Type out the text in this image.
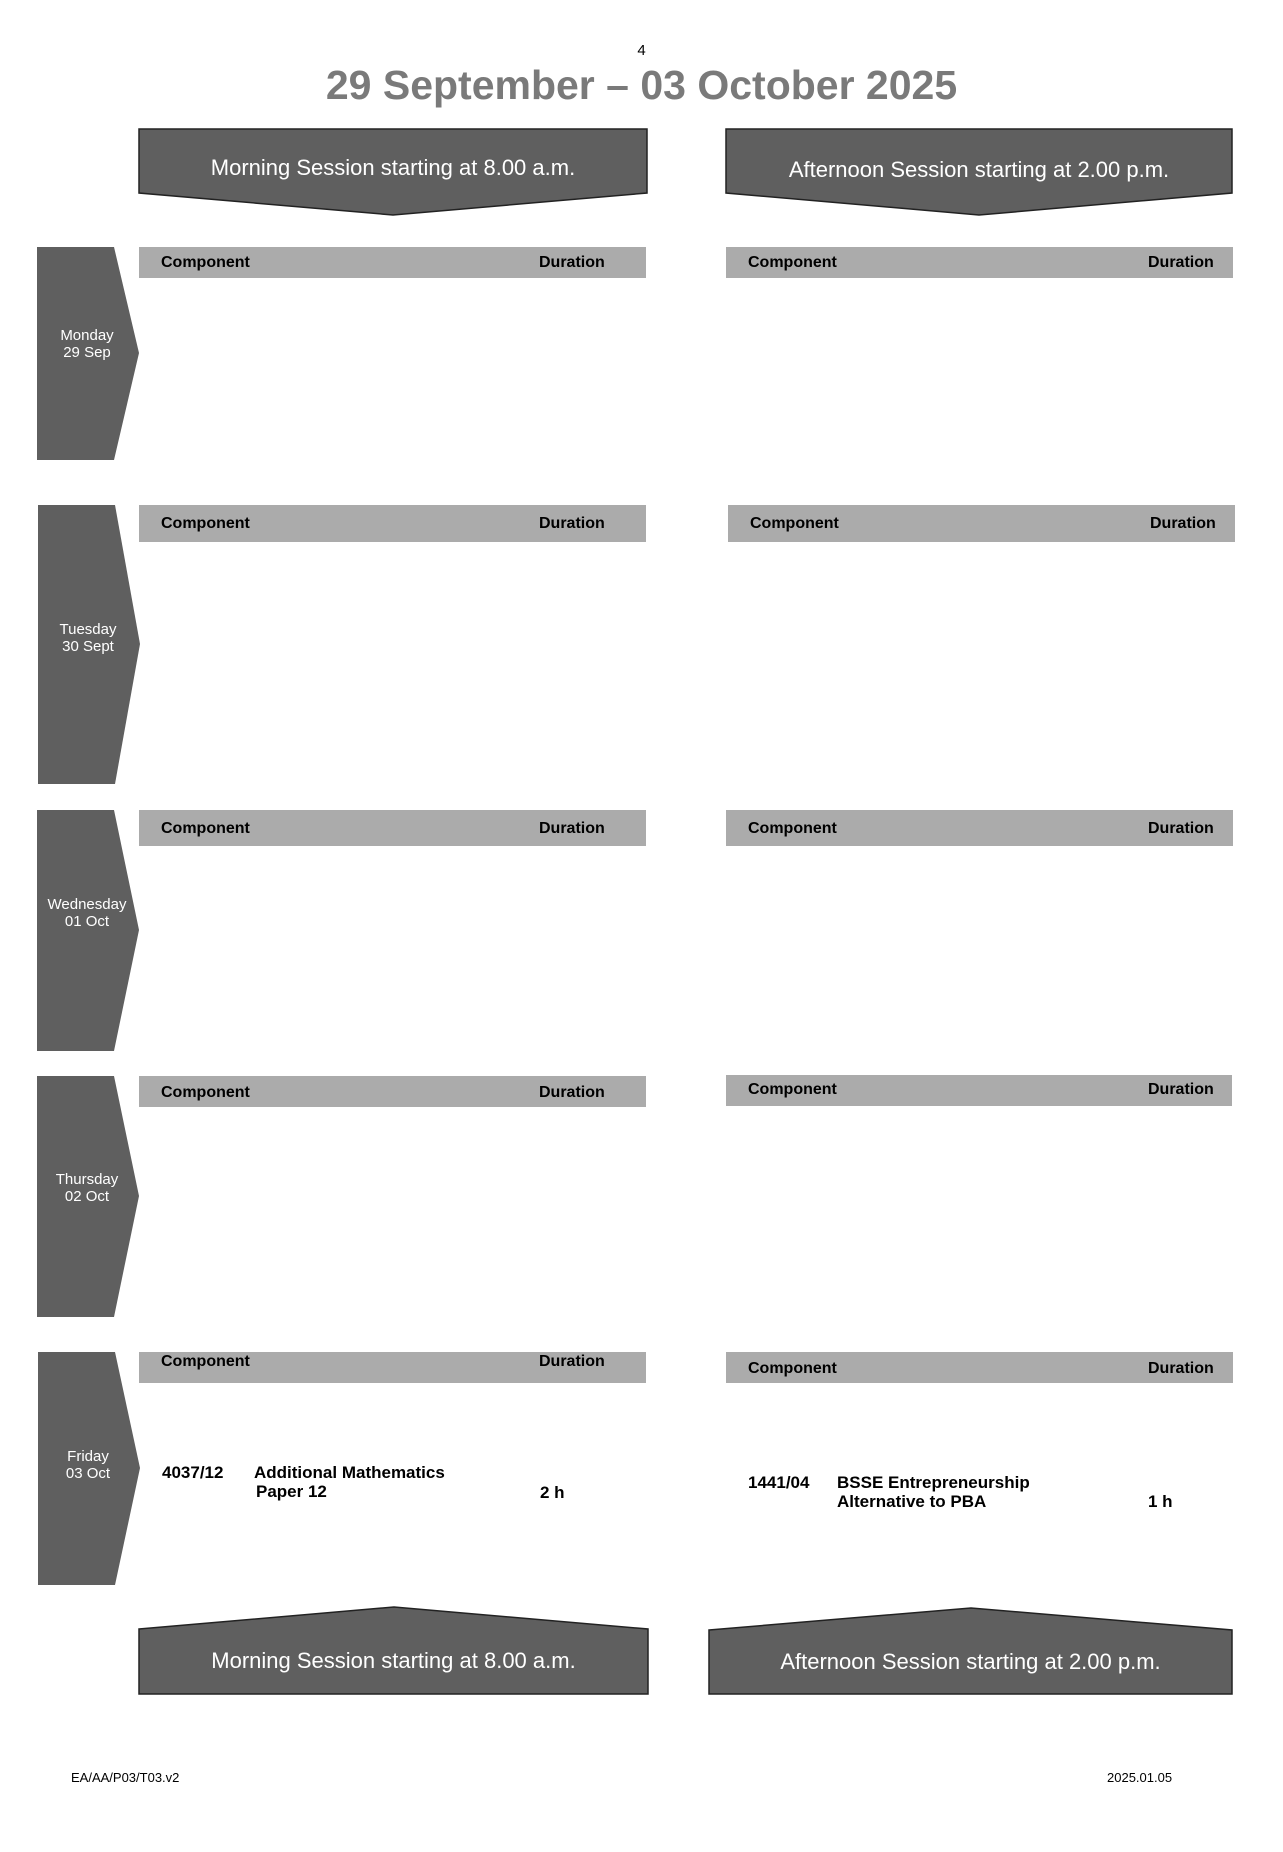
4
29 September – 03 October 2025
Morning Session starting at 8.00 a.m.	Afternoon Session starting at 2.00 p.m.
Monday
29 Sep
Component	Duration	Component	Duration
Tuesday
30 Sept
Component	Duration	Component	Duration
Wednesday
01 Oct
Component	Duration	Component	Duration
Thursday
02 Oct
Component	Duration	Component	Duration
Friday
03 Oct
Component	Duration	Component	Duration
4037/12 Additional Mathematics
Paper 12	2 h
1441/04 BSSE Entrepreneurship
Alternative to PBA	1 h
Morning Session starting at 8.00 a.m.	Afternoon Session starting at 2.00 p.m.
EA/AA/P03/T03.v2	2025.01.05
